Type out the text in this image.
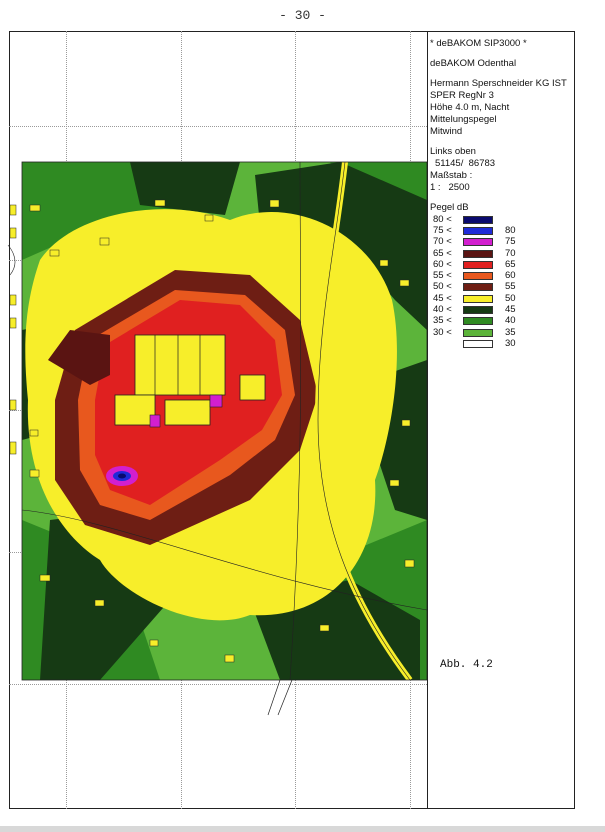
- 30 -
* deBAKOM SIP3000 *
deBAKOM Odenthal
Hermann Sperschneider KG IST
SPER RegNr 3
Höhe 4.0 m, Nacht
Mittelungspegel
Mitwind
Links oben
51145/  86783
Maßstab :
1 :   2500
Pegel dB
80 <
75 <	80
70 <	75
65 <	70
60 <	65
55 <	60
50 <	55
45 <	50
40 <	45
35 <	40
30 <	35
30
Abb. 4.2
